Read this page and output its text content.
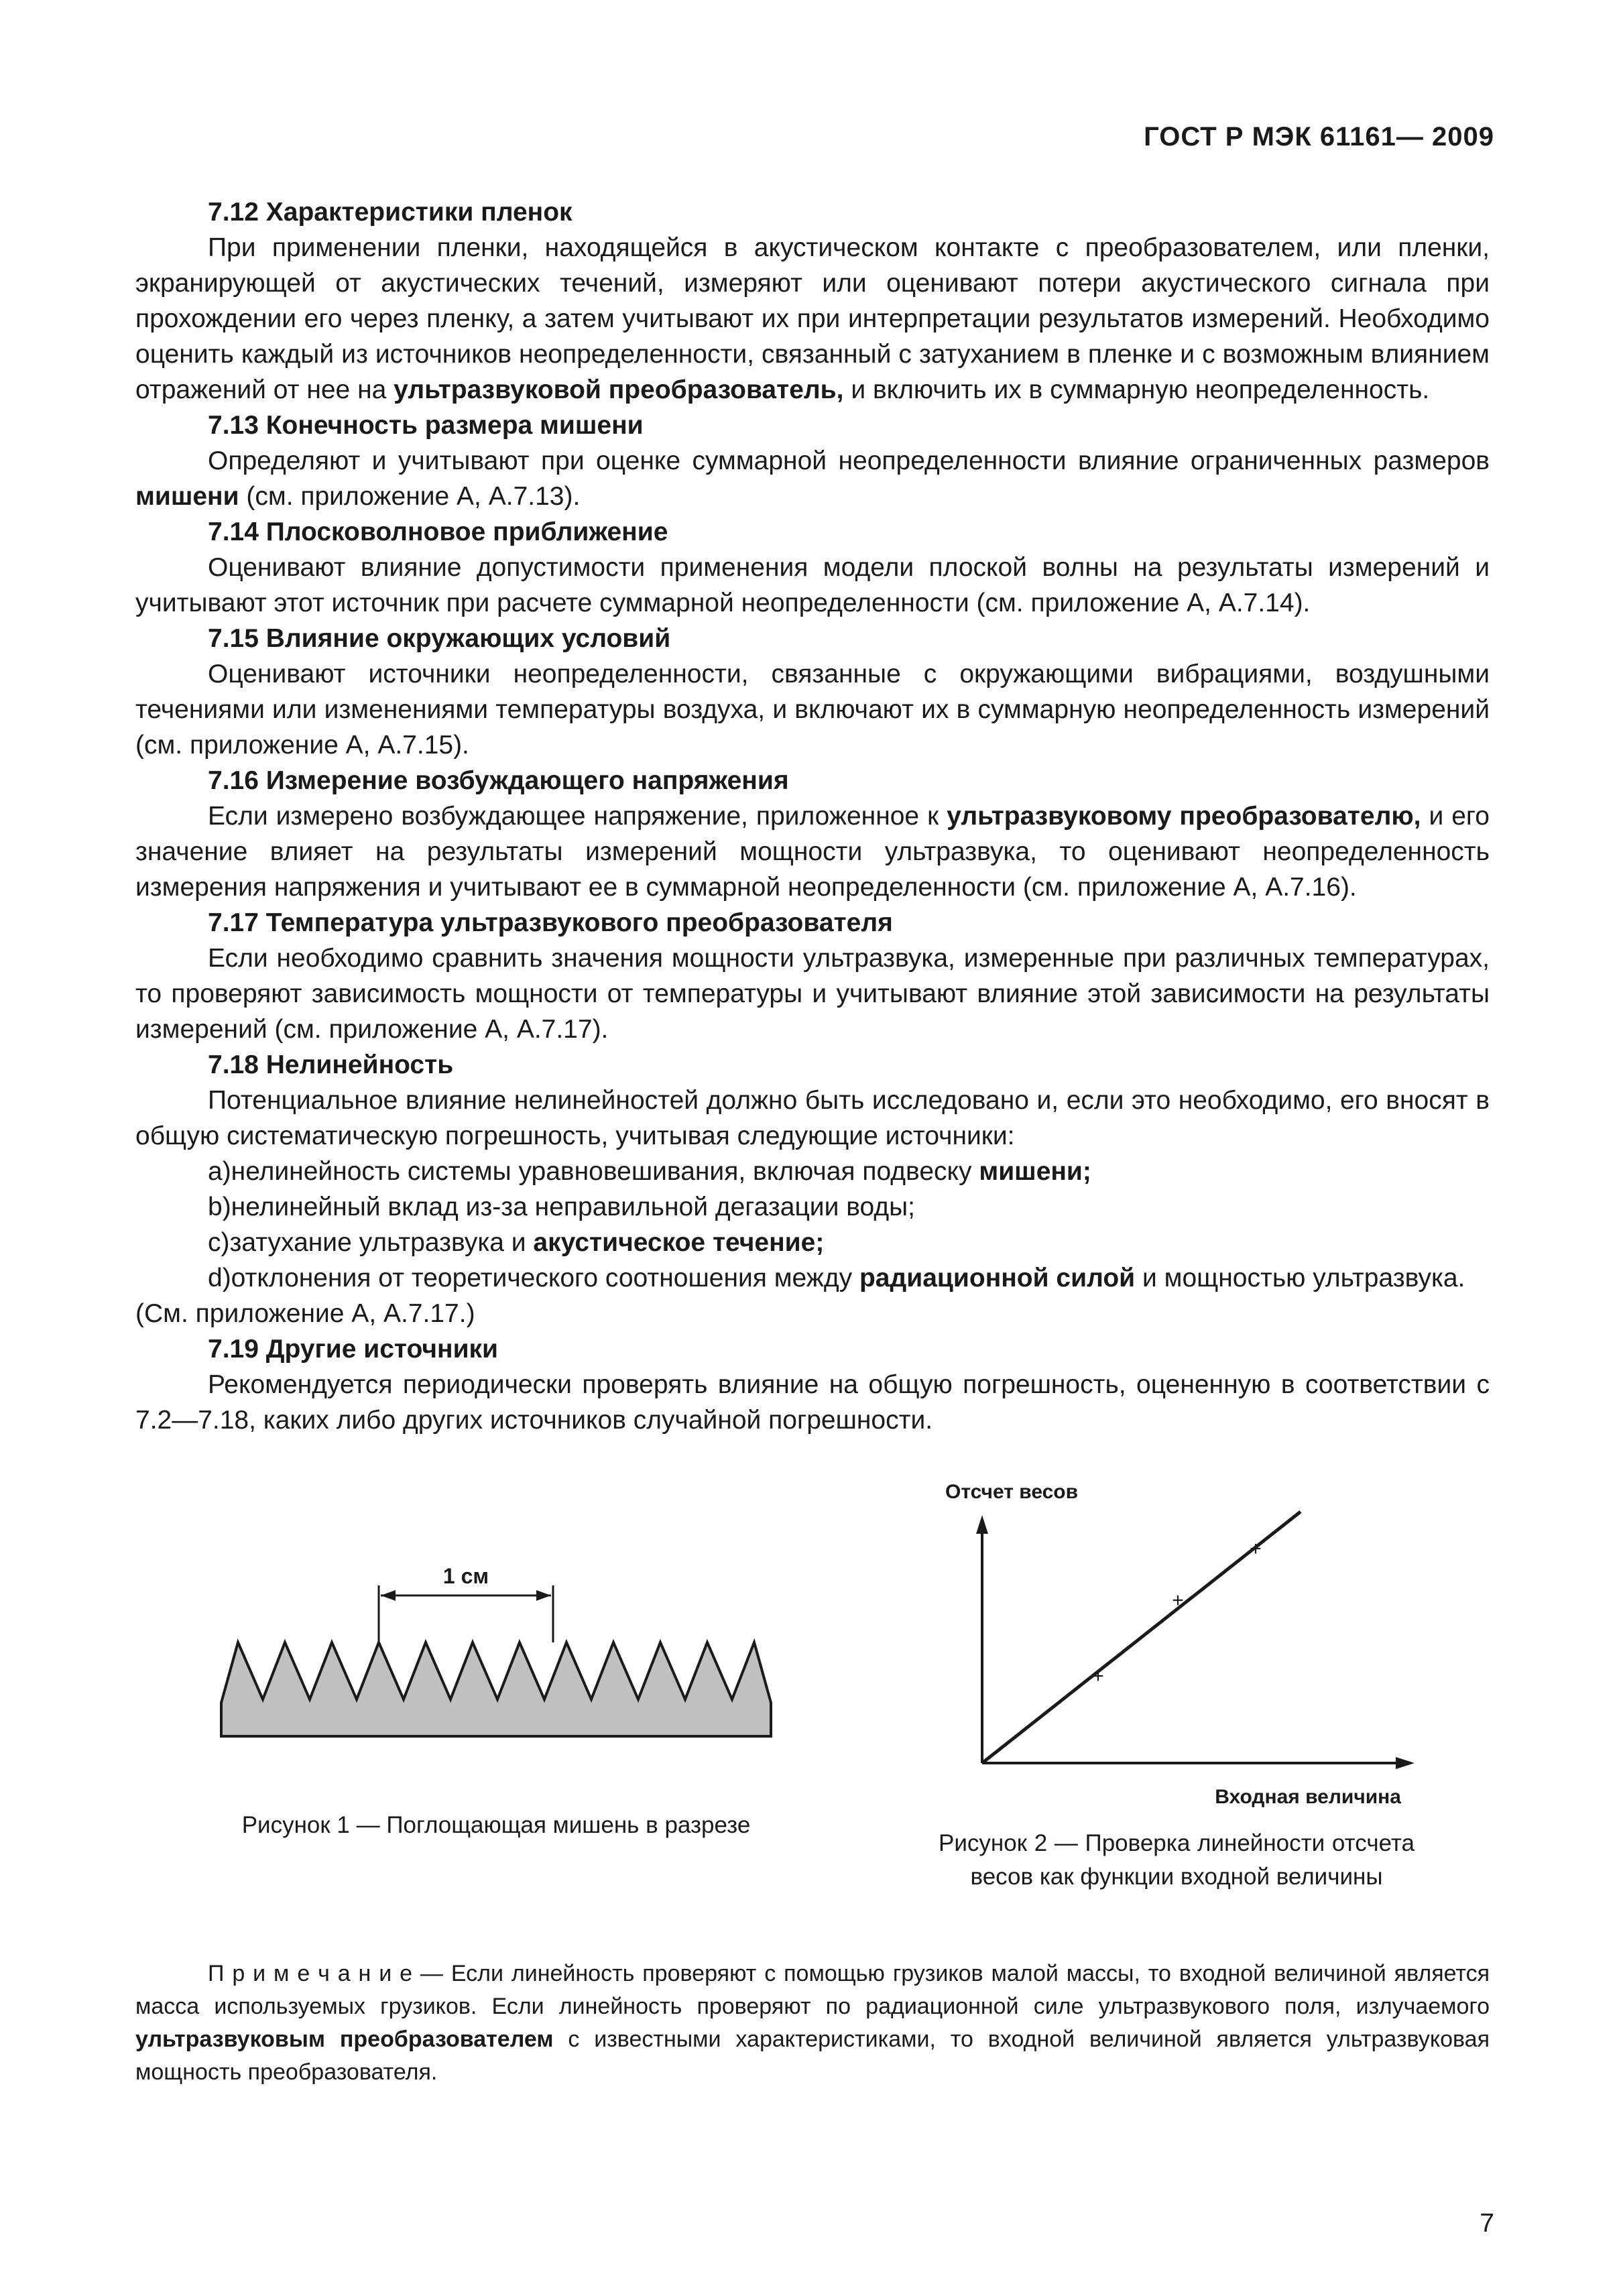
ГОСТ Р МЭК 61161— 2009
7.12 Характеристики пленок
При применении пленки, находящейся в акустическом контакте с преобразователем, или пленки, экранирующей от акустических течений, измеряют или оценивают потери акустического сигнала при прохождении его через пленку, а затем учитывают их при интерпретации результатов измерений. Необходимо оценить каждый из источников неопределенности, связанный с затуханием в пленке и с возможным влиянием отражений от нее на ультразвуковой преобразователь, и включить их в суммарную неопределенность.
7.13 Конечность размера мишени
Определяют и учитывают при оценке суммарной неопределенности влияние ограниченных размеров мишени (см. приложение А, А.7.13).
7.14 Плосковолновое приближение
Оценивают влияние допустимости применения модели плоской волны на результаты измерений и учитывают этот источник при расчете суммарной неопределенности (см. приложение А, А.7.14).
7.15 Влияние окружающих условий
Оценивают источники неопределенности, связанные с окружающими вибрациями, воздушными течениями или изменениями температуры воздуха, и включают их в суммарную неопределенность измерений (см. приложение А, А.7.15).
7.16 Измерение возбуждающего напряжения
Если измерено возбуждающее напряжение, приложенное к ультразвуковому преобразователю, и его значение влияет на результаты измерений мощности ультразвука, то оценивают неопределенность измерения напряжения и учитывают ее в суммарной неопределенности (см. приложение А, А.7.16).
7.17 Температура ультразвукового преобразователя
Если необходимо сравнить значения мощности ультразвука, измеренные при различных температурах, то проверяют зависимость мощности от температуры и учитывают влияние этой зависимости на результаты измерений (см. приложение А, А.7.17).
7.18 Нелинейность
Потенциальное влияние нелинейностей должно быть исследовано и, если это необходимо, его вносят в общую систематическую погрешность, учитывая следующие источники:
а)нелинейность системы уравновешивания, включая подвеску мишени;
b)нелинейный вклад из-за неправильной дегазации воды;
с)затухание ультразвука и акустическое течение;
d)отклонения от теоретического соотношения между радиационной силой и мощностью ультразвука.
(См. приложение А, А.7.17.)
7.19 Другие источники
Рекомендуется периодически проверять влияние на общую погрешность, оцененную в соответствии с 7.2—7.18, каких либо других источников случайной погрешности.
1 см
Рисунок 1 — Поглощающая мишень в разрезе
Отсчет весов
+
+
+
Входная величина
Рисунок 2 — Проверка линейности отсчета весов как функции входной величины
П р и м е ч а н и е — Если линейность проверяют с помощью грузиков малой массы, то входной величиной является масса используемых грузиков. Если линейность проверяют по радиационной силе ультразвукового поля, излучаемого ультразвуковым преобразователем с известными характеристиками, то входной величиной является ультразвуковая мощность преобразователя.
7
